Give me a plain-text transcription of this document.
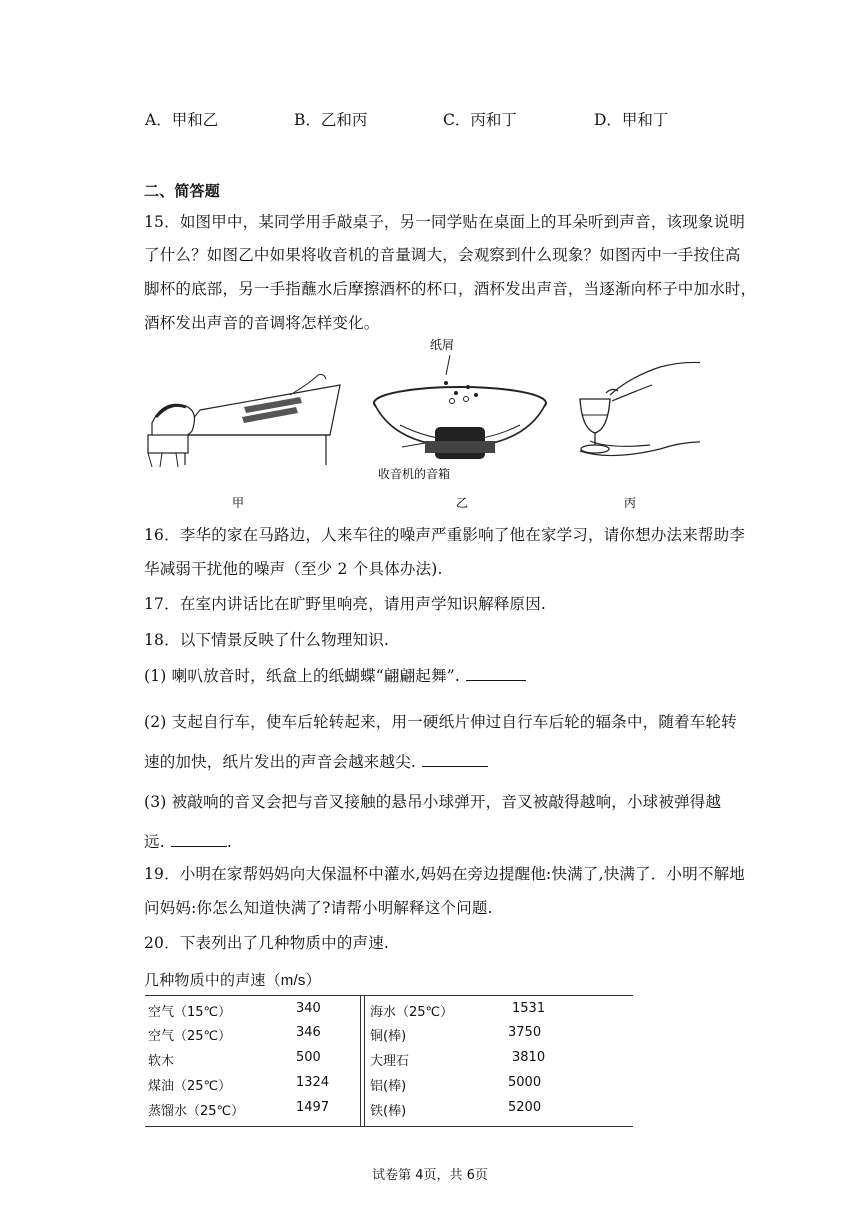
A．甲和乙	B．乙和丙	C．丙和丁	D．甲和丁
二、简答题
15．如图甲中，某同学用手敲桌子，另一同学贴在桌面上的耳朵听到声音，该现象说明
了什么？如图乙中如果将收音机的音量调大，会观察到什么现象？如图丙中一手按住高
脚杯的底部，另一手指蘸水后摩擦酒杯的杯口，酒杯发出声音，当逐渐向杯子中加水时，
酒杯发出声音的音调将怎样变化。
纸屑
收音机的音箱
甲	乙	丙
16．李华的家在马路边，人来车往的噪声严重影响了他在家学习，请你想办法来帮助李
华减弱干扰他的噪声（至少 2 个具体办法).
17．在室内讲话比在旷野里响亮，请用声学知识解释原因.
18．以下情景反映了什么物理知识.
(1) 喇叭放音时，纸盒上的纸蝴蝶“翩翩起舞”.
(2) 支起自行车，使车后轮转起来，用一硬纸片伸过自行车后轮的辐条中，随着车轮转
速的加快，纸片发出的声音会越来越尖.
(3) 被敲响的音叉会把与音叉接触的悬吊小球弹开，音叉被敲得越响，小球被弹得越
远.	.
19．小明在家帮妈妈向大保温杯中灌水,妈妈在旁边提醒他:快满了,快满了．小明不解地
问妈妈:你怎么知道快满了?请帮小明解释这个问题.
20．下表列出了几种物质中的声速.
几种物质中的声速（m/s）
空气（15℃）	340
空气（25℃）	346
软木	500
煤油（25℃）	1324
蒸馏水（25℃）	1497
海水（25℃）	1531
铜(棒)	3750
大理石	3810
铝(棒)	5000
铁(棒)	5200
试卷第 4页，共 6页
